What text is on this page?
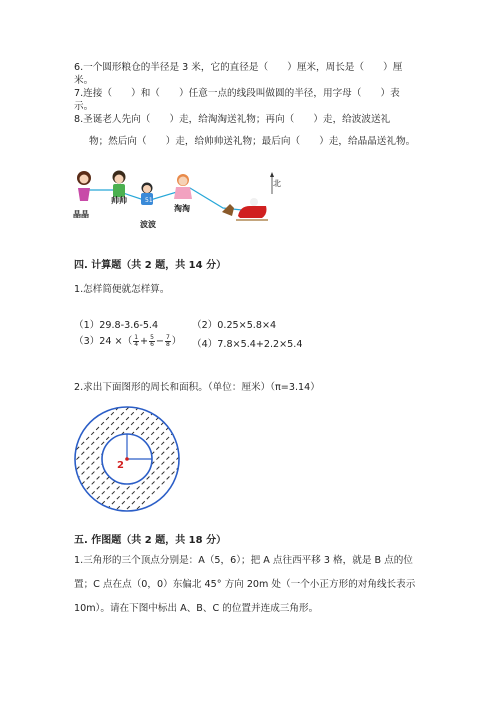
6.一个圆形粮仓的半径是 3 米，它的直径是（　　）厘米，周长是（　　）厘
米。
7.连接（　　）和（　　）任意一点的线段叫做圆的半径，用字母（　　）表
示。
8.圣诞老人先向（　　）走，给淘淘送礼物；再向（　　）走，给波波送礼
物；然后向（　　）走，给帅帅送礼物；最后向（　　）走，给晶晶送礼物。
51
晶晶
帅帅
波波
淘淘
北
四. 计算题（共 2 题，共 14 分）
1.怎样简便就怎样算。
（1）29.8-3.6-5.4	（2）0.25×5.8×4
（3）24 ×（ $\frac{1}{4} + \frac{5}{6} - \frac{7}{8}$ ） （4）7.8×5.4+2.2×5.4
2.求出下面图形的周长和面积。（单位：厘米）（π=3.14）
2
五. 作图题（共 2 题，共 18 分）
1.三角形的三个顶点分别是：A（5，6）；把 A 点往西平移 3 格，就是 B 点的位
置；C 点在点（0，0）东偏北 45° 方向 20m 处（一个小正方形的对角线长表示
10m）。请在下图中标出 A、B、C 的位置并连成三角形。
